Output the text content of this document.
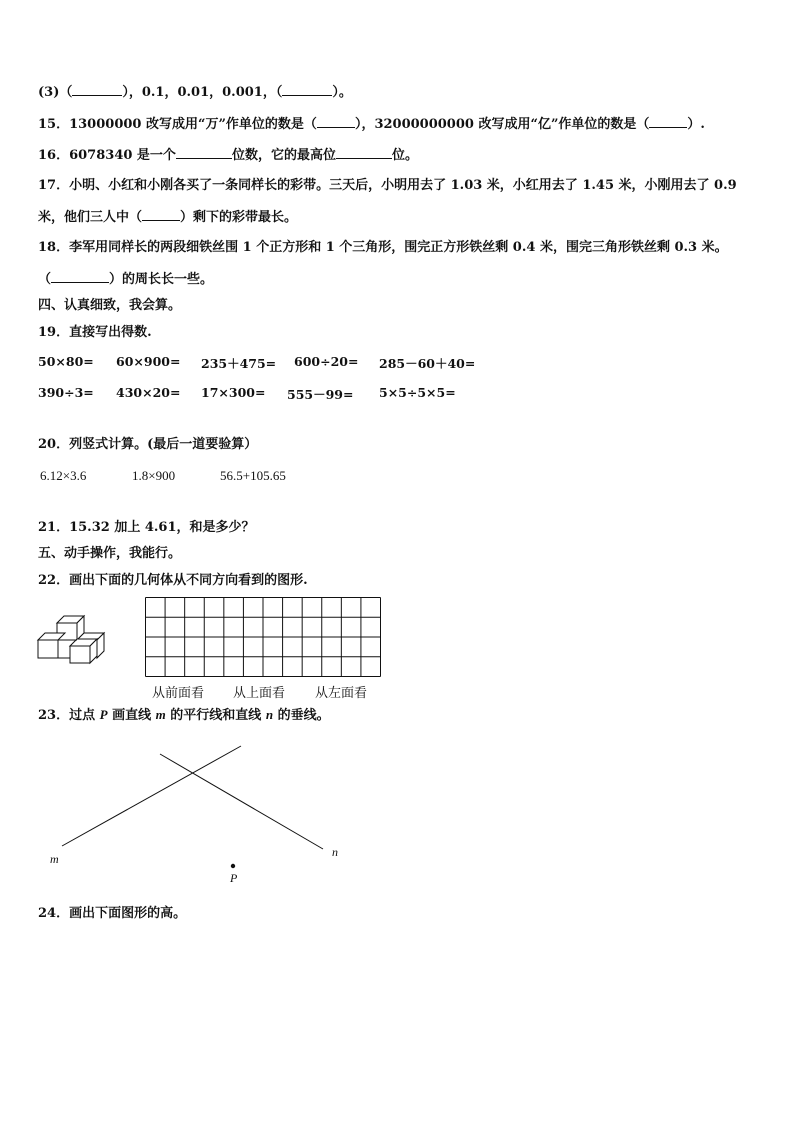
(3)（	），0.1，0.01，0.001，（	）。
15．13000000 改写成用“万”作单位的数是（	），32000000000 改写成用“亿”作单位的数是（	）.
16．6078340 是一个	位数，它的最高位	位。
17．小明、小红和小刚各买了一条同样长的彩带。三天后，小明用去了 1.03 米，小红用去了 1.45 米，小刚用去了 0.9
米，他们三人中（	）剩下的彩带最长。
18．李军用同样长的两段细铁丝围 1 个正方形和 1 个三角形，围完正方形铁丝剩 0.4 米，围完三角形铁丝剩 0.3 米。
（	）的周长长一些。
四、认真细致，我会算。
19．直接写出得数.
50×80= 60×900= 235＋475= 600÷20= 285－60＋40=
390÷3= 430×20= 17×300= 555－99= 5×5÷5×5=
20．列竖式计算。(最后一道要验算）
6.12×3.6	1.8×900	56.5+105.65
21．15.32 加上 4.61，和是多少？
五、动手操作，我能行。
22．画出下面的几何体从不同方向看到的图形.
从前面看 从上面看 从左面看
23．过点 P 画直线 m 的平行线和直线 n 的垂线。
m	n
P
24．画出下面图形的高。
